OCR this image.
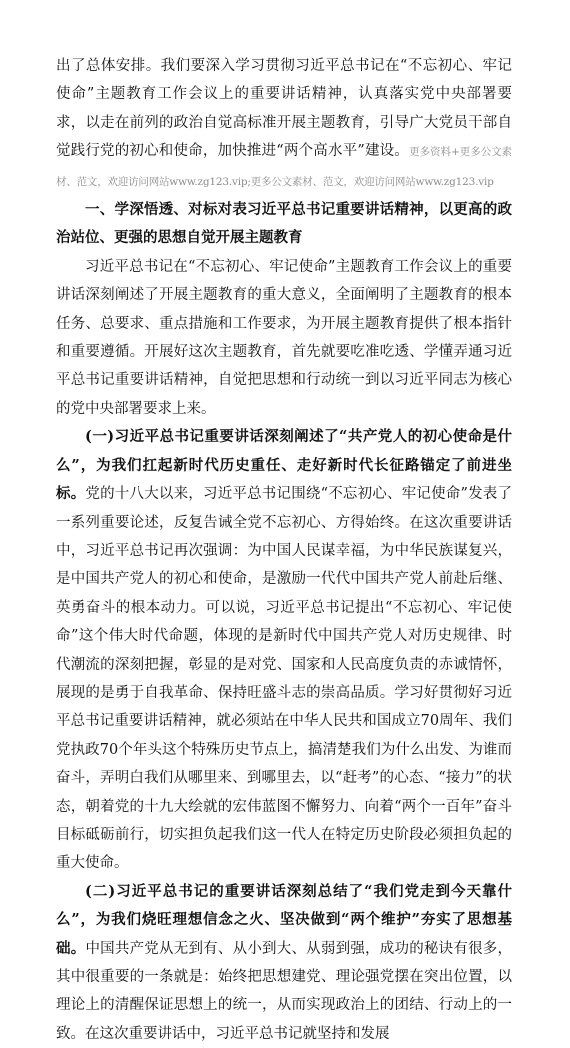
出了总体安排。我们要深入学习贯彻习近平总书记在“不忘初心、牢记使命”主题教育工作会议上的重要讲话精神，认真落实党中央部署要求，以走在前列的政治自觉高标准开展主题教育，引导广大党员干部自觉践行党的初心和使命，加快推进“两个高水平”建设。更多资料+更多公文素材、范文，欢迎访问网站www.zg123.vip;更多公文素材、范文，欢迎访问网站www.zg123.vip

一、学深悟透、对标对表习近平总书记重要讲话精神，以更高的政治站位、更强的思想自觉开展主题教育

习近平总书记在“不忘初心、牢记使命”主题教育工作会议上的重要讲话深刻阐述了开展主题教育的重大意义，全面阐明了主题教育的根本任务、总要求、重点措施和工作要求，为开展主题教育提供了根本指针和重要遵循。开展好这次主题教育，首先就要吃准吃透、学懂弄通习近平总书记重要讲话精神，自觉把思想和行动统一到以习近平同志为核心的党中央部署要求上来。

(一)习近平总书记重要讲话深刻阐述了“共产党人的初心使命是什么”，为我们扛起新时代历史重任、走好新时代长征路锚定了前进坐标。党的十八大以来，习近平总书记围绕“不忘初心、牢记使命”发表了一系列重要论述，反复告诫全党不忘初心、方得始终。在这次重要讲话中，习近平总书记再次强调：为中国人民谋幸福，为中华民族谋复兴，是中国共产党人的初心和使命，是激励一代代中国共产党人前赴后继、英勇奋斗的根本动力。可以说，习近平总书记提出“不忘初心、牢记使命”这个伟大时代命题，体现的是新时代中国共产党人对历史规律、时代潮流的深刻把握，彰显的是对党、国家和人民高度负责的赤诚情怀，展现的是勇于自我革命、保持旺盛斗志的崇高品质。学习好贯彻好习近平总书记重要讲话精神，就必须站在中华人民共和国成立70周年、我们党执政70个年头这个特殊历史节点上，搞清楚我们为什么出发、为谁而奋斗，弄明白我们从哪里来、到哪里去，以“赶考”的心态、“接力”的状态，朝着党的十九大绘就的宏伟蓝图不懈努力、向着“两个一百年”奋斗目标砥砺前行，切实担负起我们这一代人在特定历史阶段必须担负起的重大使命。

(二)习近平总书记的重要讲话深刻总结了“我们党走到今天靠什么”，为我们烧旺理想信念之火、坚决做到“两个维护”夯实了思想基础。中国共产党从无到有、从小到大、从弱到强，成功的秘诀有很多，其中很重要的一条就是：始终把思想建党、理论强党摆在突出位置，以理论上的清醒保证思想上的统一，从而实现政治上的团结、行动上的一致。在这次重要讲话中，习近平总书记就坚持和发展
